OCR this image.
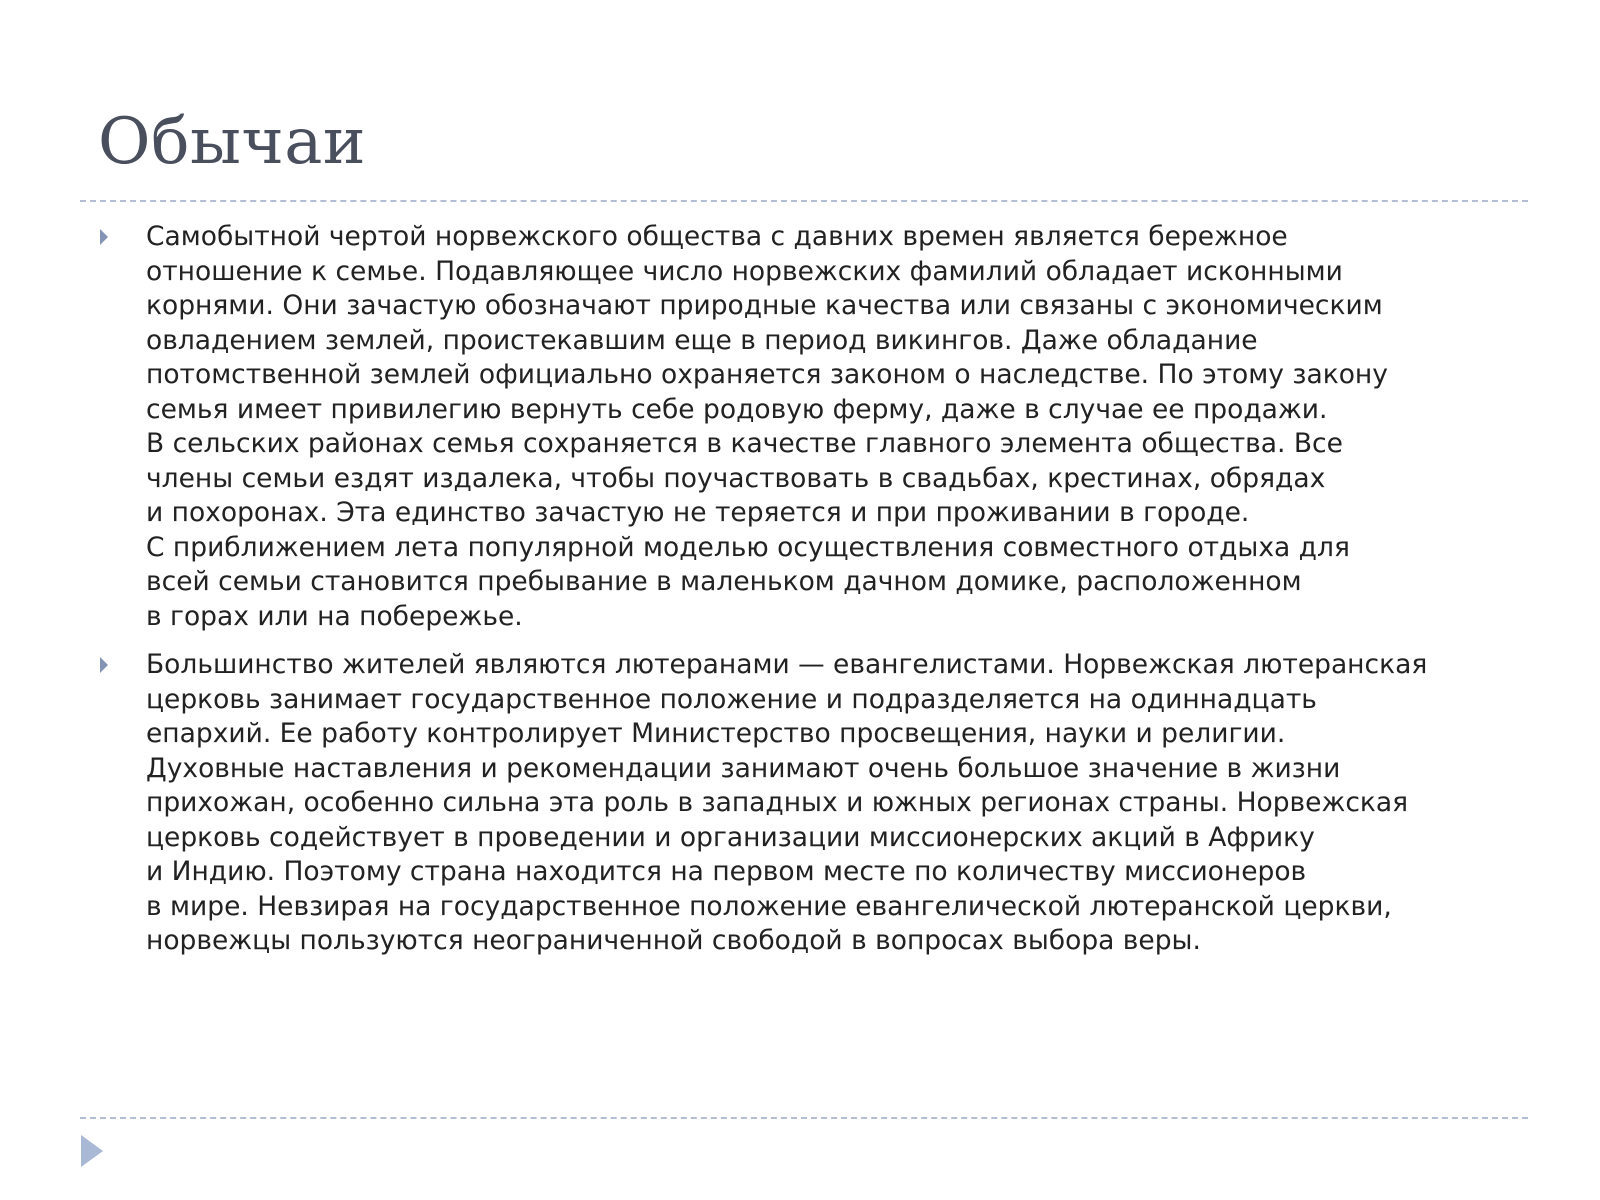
Обычаи

Самобытной чертой норвежского общества с давних времен является бережное
отношение к семье. Подавляющее число норвежских фамилий обладает исконными
корнями. Они зачастую обозначают природные качества или связаны с экономическим
овладением землей, проистекавшим еще в период викингов. Даже обладание
потомственной землей официально охраняется законом о наследстве. По этому закону
семья имеет привилегию вернуть себе родовую ферму, даже в случае ее продажи.
В сельских районах семья сохраняется в качестве главного элемента общества. Все
члены семьи ездят издалека, чтобы поучаствовать в свадьбах, крестинах, обрядах
и похоронах. Эта единство зачастую не теряется и при проживании в городе.
С приближением лета популярной моделью осуществления совместного отдыха для
всей семьи становится пребывание в маленьком дачном домике, расположенном
в горах или на побережье.

Большинство жителей являются лютеранами — евангелистами. Норвежская лютеранская
церковь занимает государственное положение и подразделяется на одиннадцать
епархий. Ее работу контролирует Министерство просвещения, науки и религии.
Духовные наставления и рекомендации занимают очень большое значение в жизни
прихожан, особенно сильна эта роль в западных и южных регионах страны. Норвежская
церковь содействует в проведении и организации миссионерских акций в Африку
и Индию. Поэтому страна находится на первом месте по количеству миссионеров
в мире. Невзирая на государственное положение евангелической лютеранской церкви,
норвежцы пользуются неограниченной свободой в вопросах выбора веры.
